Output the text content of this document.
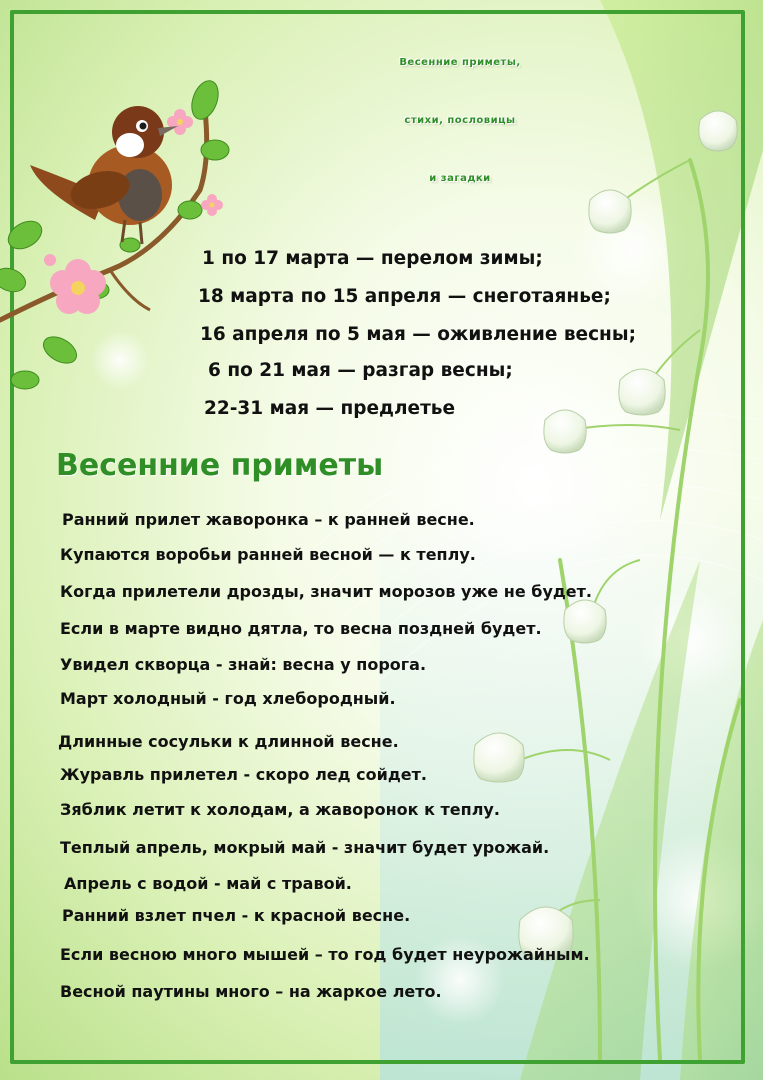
Весенние приметы,
стихи, пословицы
и загадки
1 по 17 марта — перелом зимы;
18 марта по 15 апреля — снеготаянье;
16 апреля по 5 мая — оживление весны;
6 по 21 мая — разгар весны;
22-31 мая — предлетье
Весенние приметы
Ранний прилет жаворонка – к ранней весне.
Купаются воробьи ранней весной — к теплу.
Когда прилетели дрозды, значит морозов уже не будет.
Если в марте видно дятла, то весна поздней будет.
Увидел скворца - знай: весна у порога.
Март холодный - год хлебородный.
Длинные сосульки к длинной весне.
Журавль прилетел - скоро лед сойдет.
Зяблик летит к холодам, а жаворонок к теплу.
Теплый апрель, мокрый май - значит будет урожай.
Апрель с водой - май с травой.
Ранний взлет пчел - к красной весне.
Если весною много мышей – то год будет неурожайным.
Весной паутины много – на жаркое лето.
